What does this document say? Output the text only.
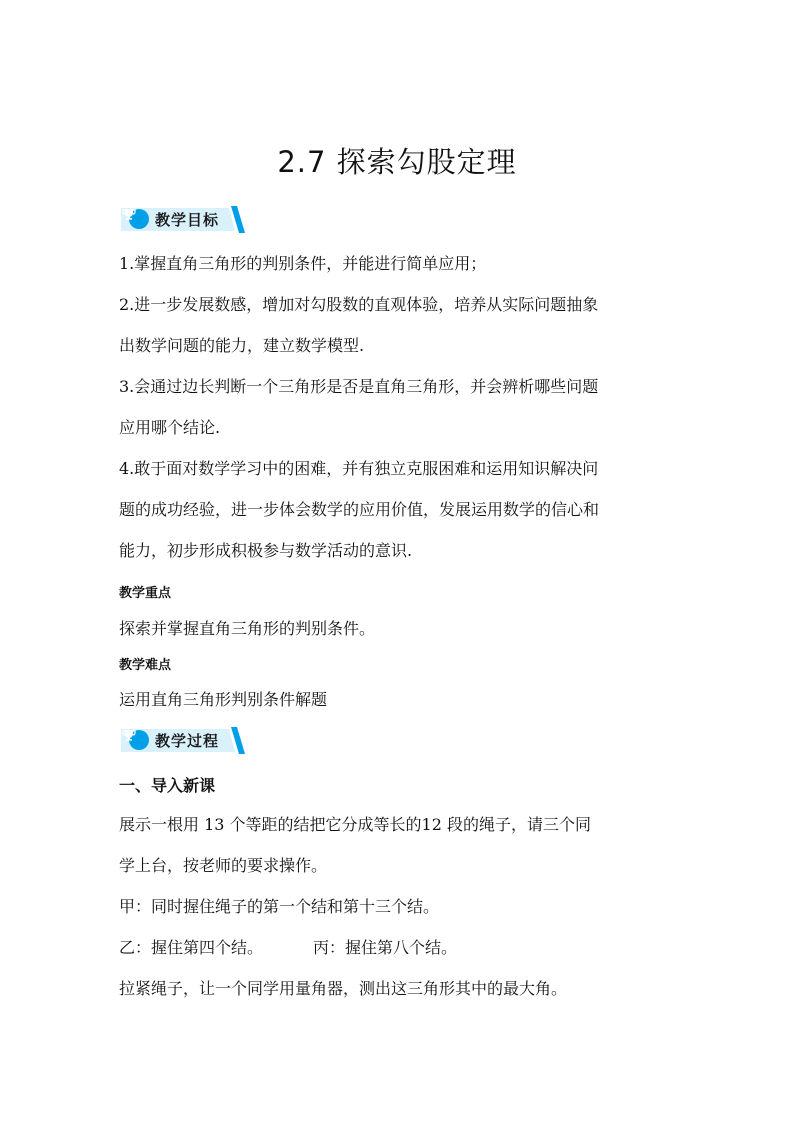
2.7 探索勾股定理
教学目标
1.掌握直角三角形的判别条件，并能进行简单应用；
2.进一步发展数感，增加对勾股数的直观体验，培养从实际问题抽象
出数学问题的能力，建立数学模型.
3.会通过边长判断一个三角形是否是直角三角形，并会辨析哪些问题
应用哪个结论.
4.敢于面对数学学习中的困难，并有独立克服困难和运用知识解决问
题的成功经验，进一步体会数学的应用价值，发展运用数学的信心和
能力，初步形成积极参与数学活动的意识.
教学重点
探索并掌握直角三角形的判别条件。
教学难点
运用直角三角形判别条件解题
教学过程
一、导入新课
展示一根用 13 个等距的结把它分成等长的12 段的绳子，请三个同
学上台，按老师的要求操作。
甲：同时握住绳子的第一个结和第十三个结。
乙：握住第四个结。	丙：握住第八个结。
拉紧绳子，让一个同学用量角器，测出这三角形其中的最大角。
